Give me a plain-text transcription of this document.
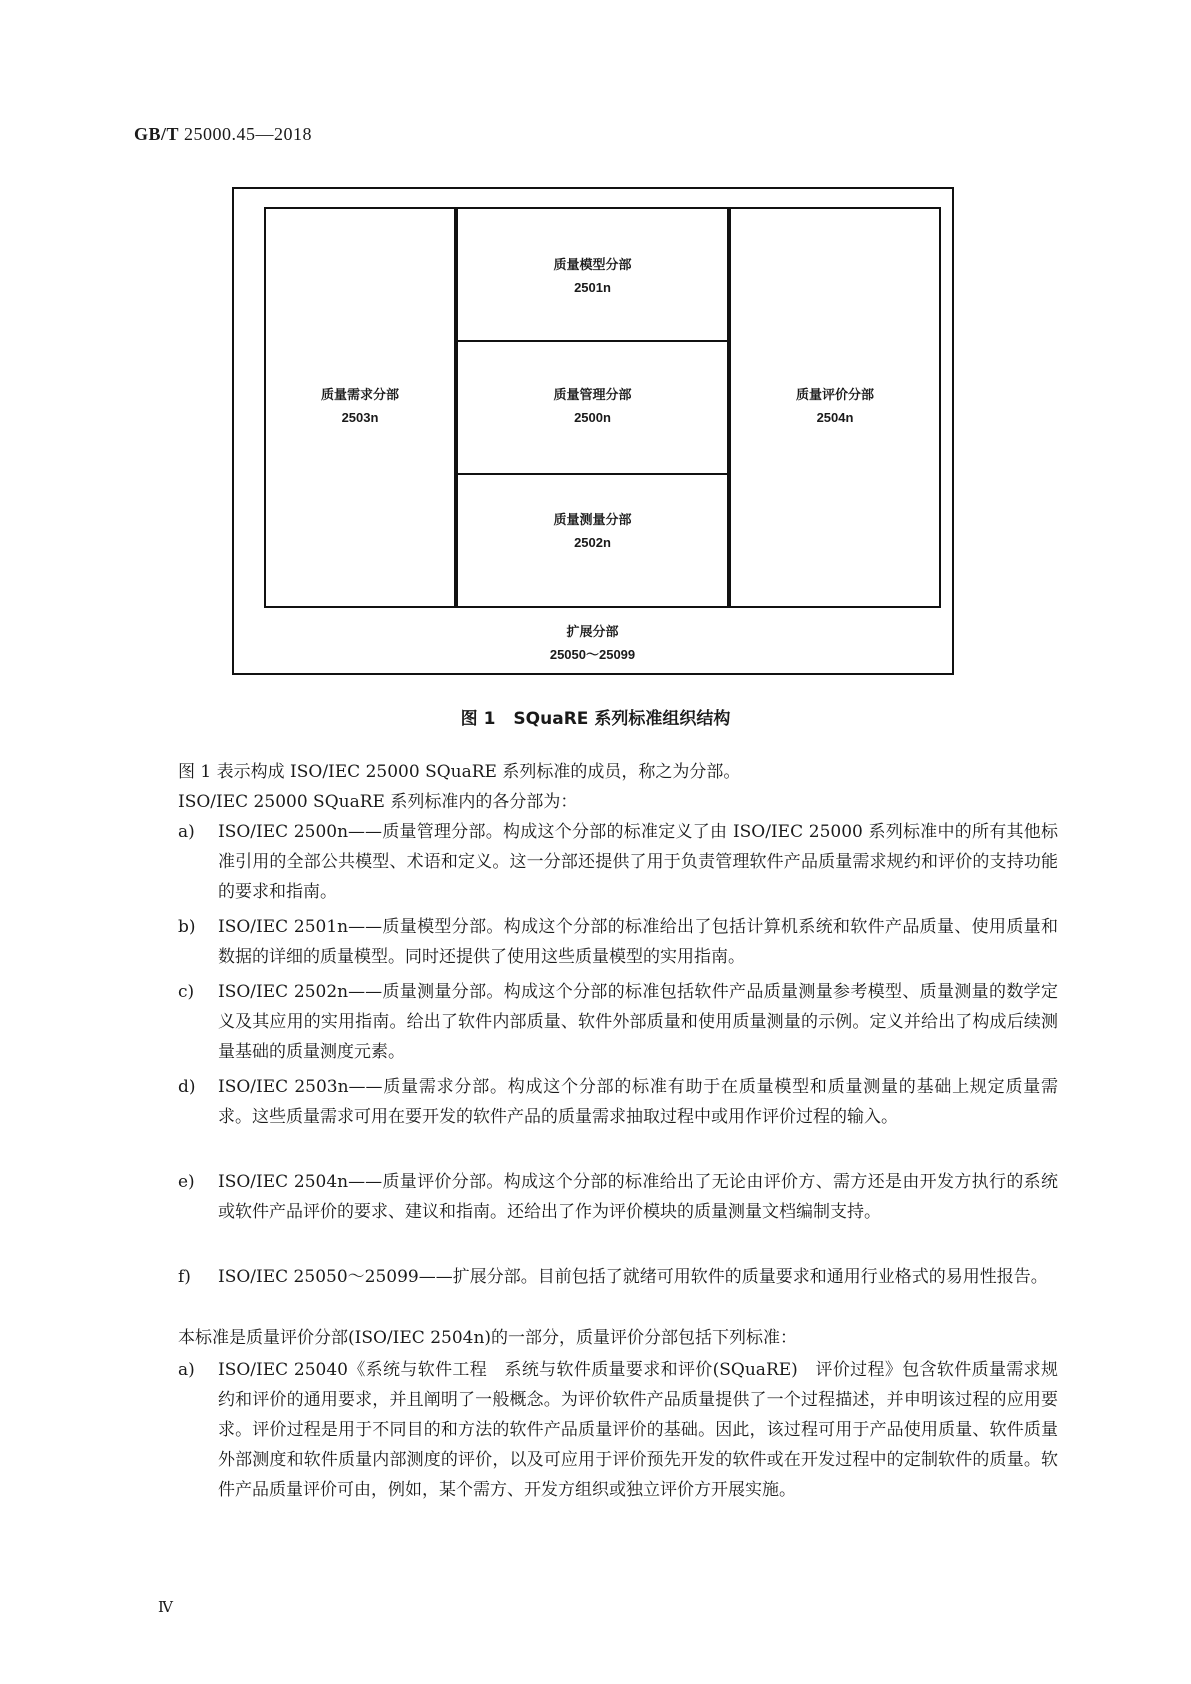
GB/T 25000.45—2018
质量需求分部
2503n
质量模型分部
2501n
质量管理分部
2500n
质量测量分部
2502n
质量评价分部
2504n
扩展分部
25050～25099
图 1 SQuaRE 系列标准组织结构
图 1 表示构成 ISO/IEC 25000 SQuaRE 系列标准的成员，称之为分部。
ISO/IEC 25000 SQuaRE 系列标准内的各分部为：
a) ISO/IEC 2500n——质量管理分部。构成这个分部的标准定义了由 ISO/IEC 25000 系列标准中的所有其他标准引用的全部公共模型、术语和定义。这一分部还提供了用于负责管理软件产品质量需求规约和评价的支持功能的要求和指南。
b) ISO/IEC 2501n——质量模型分部。构成这个分部的标准给出了包括计算机系统和软件产品质量、使用质量和数据的详细的质量模型。同时还提供了使用这些质量模型的实用指南。
c) ISO/IEC 2502n——质量测量分部。构成这个分部的标准包括软件产品质量测量参考模型、质量测量的数学定义及其应用的实用指南。给出了软件内部质量、软件外部质量和使用质量测量的示例。定义并给出了构成后续测量基础的质量测度元素。
d) ISO/IEC 2503n——质量需求分部。构成这个分部的标准有助于在质量模型和质量测量的基础上规定质量需求。这些质量需求可用在要开发的软件产品的质量需求抽取过程中或用作评价过程的输入。
e) ISO/IEC 2504n——质量评价分部。构成这个分部的标准给出了无论由评价方、需方还是由开发方执行的系统或软件产品评价的要求、建议和指南。还给出了作为评价模块的质量测量文档编制支持。
f) ISO/IEC 25050～25099——扩展分部。目前包括了就绪可用软件的质量要求和通用行业格式的易用性报告。
本标准是质量评价分部(ISO/IEC 2504n)的一部分，质量评价分部包括下列标准：
a) ISO/IEC 25040《系统与软件工程　系统与软件质量要求和评价(SQuaRE)　评价过程》包含软件质量需求规约和评价的通用要求，并且阐明了一般概念。为评价软件产品质量提供了一个过程描述，并申明该过程的应用要求。评价过程是用于不同目的和方法的软件产品质量评价的基础。因此，该过程可用于产品使用质量、软件质量外部测度和软件质量内部测度的评价，以及可应用于评价预先开发的软件或在开发过程中的定制软件的质量。软件产品质量评价可由，例如，某个需方、开发方组织或独立评价方开展实施。
Ⅳ
